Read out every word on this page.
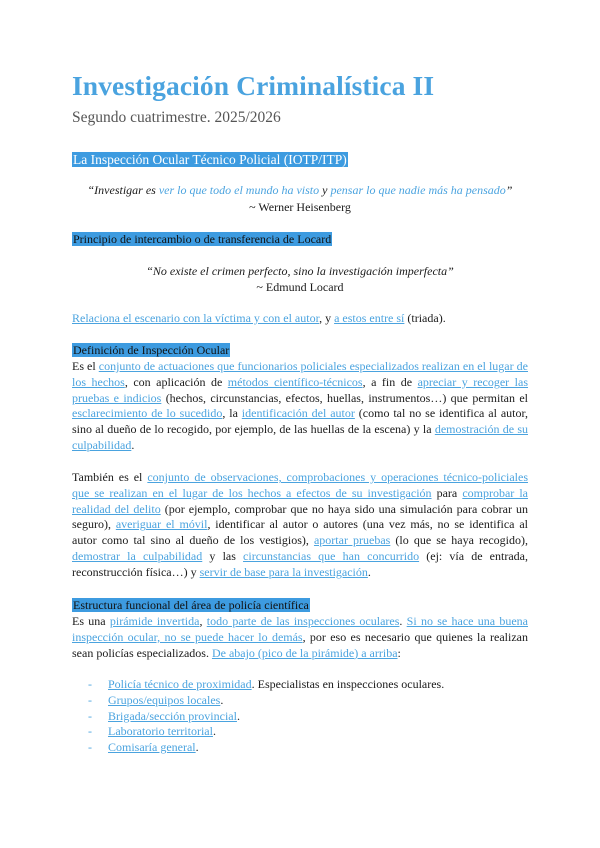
Investigación Criminalística II
Segundo cuatrimestre. 2025/2026
La Inspección Ocular Técnico Policial (IOTP/ITP)
“Investigar es ver lo que todo el mundo ha visto y pensar lo que nadie más ha pensado”
~ Werner Heisenberg
Principio de intercambio o de transferencia de Locard
“No existe el crimen perfecto, sino la investigación imperfecta”
~ Edmund Locard
Relaciona el escenario con la víctima y con el autor, y a estos entre sí (triada).
Definición de Inspección Ocular
Es el conjunto de actuaciones que funcionarios policiales especializados realizan en el lugar de los hechos, con aplicación de métodos científico-técnicos, a fin de apreciar y recoger las pruebas e indicios (hechos, circunstancias, efectos, huellas, instrumentos…) que permitan el esclarecimiento de lo sucedido, la identificación del autor (como tal no se identifica al autor, sino al dueño de lo recogido, por ejemplo, de las huellas de la escena) y la demostración de su culpabilidad.
También es el conjunto de observaciones, comprobaciones y operaciones técnico-policiales que se realizan en el lugar de los hechos a efectos de su investigación para comprobar la realidad del delito (por ejemplo, comprobar que no haya sido una simulación para cobrar un seguro), averiguar el móvil, identificar al autor o autores (una vez más, no se identifica al autor como tal sino al dueño de los vestigios), aportar pruebas (lo que se haya recogido), demostrar la culpabilidad y las circunstancias que han concurrido (ej: vía de entrada, reconstrucción física…) y servir de base para la investigación.
Estructura funcional del área de policía científica
Es una pirámide invertida, todo parte de las inspecciones oculares. Si no se hace una buena inspección ocular, no se puede hacer lo demás, por eso es necesario que quienes la realizan sean policías especializados. De abajo (pico de la pirámide) a arriba:
- Policía técnico de proximidad. Especialistas en inspecciones oculares.
- Grupos/equipos locales.
- Brigada/sección provincial.
- Laboratorio territorial.
- Comisaría general.
